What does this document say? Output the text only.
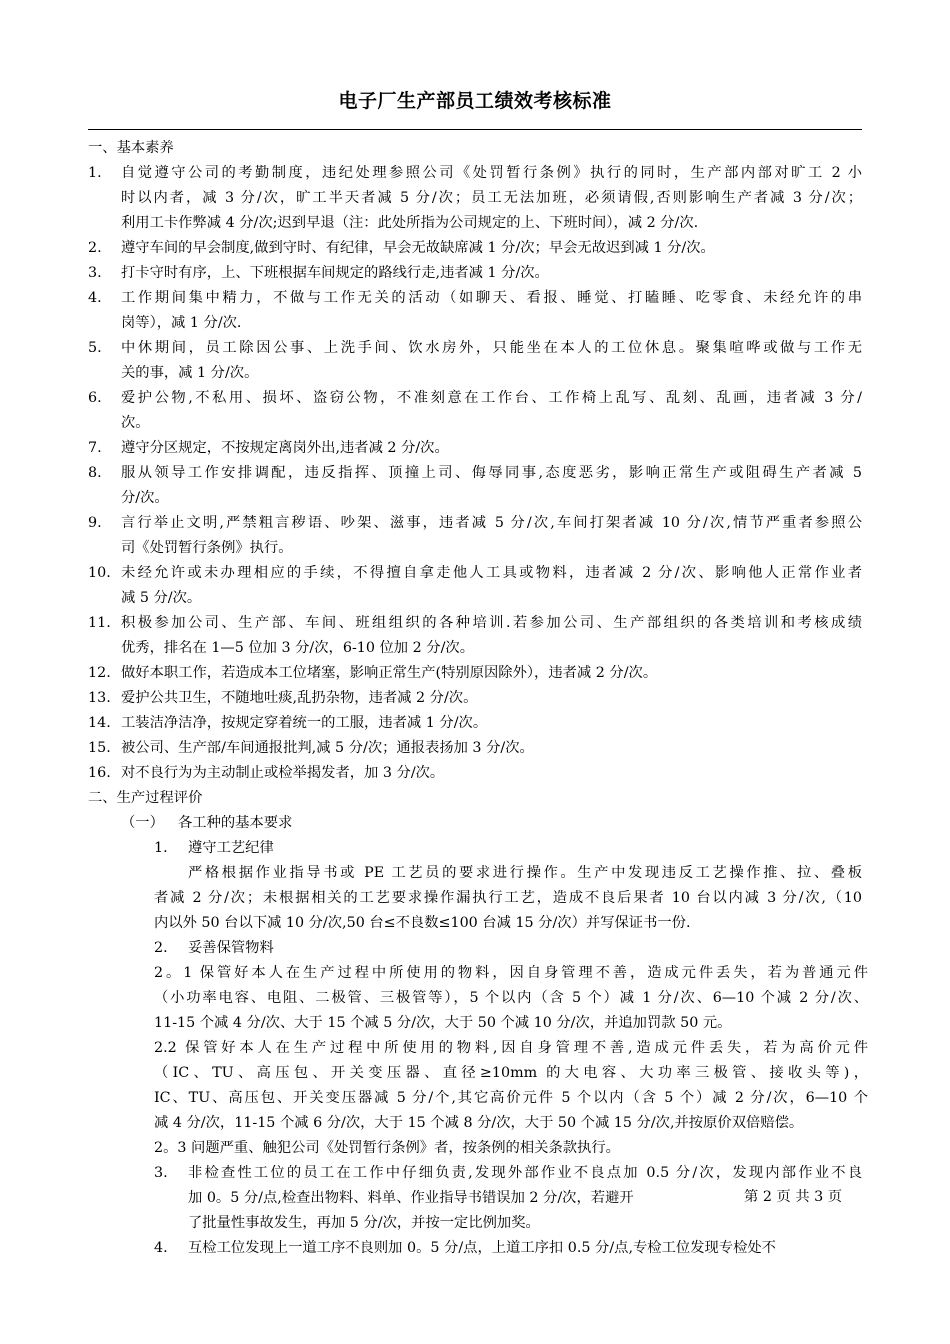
电子厂生产部员工绩效考核标准
一、基本素养
1. 自觉遵守公司的考勤制度，违纪处理参照公司《处罚暂行条例》执行的同时，生产部内部对旷工 2 小
时以内者，减 3 分/次，旷工半天者减 5 分/次；员工无法加班，必须请假,否则影响生产者减 3 分/次；
利用工卡作弊减 4 分/次;迟到早退（注：此处所指为公司规定的上、下班时间），减 2 分/次.
2. 遵守车间的早会制度,做到守时、有纪律，早会无故缺席减 1 分/次；早会无故迟到减 1 分/次。
3. 打卡守时有序，上、下班根据车间规定的路线行走,违者减 1 分/次。
4. 工作期间集中精力，不做与工作无关的活动（如聊天、看报、睡觉、打瞌睡、吃零食、未经允许的串
岗等），减 1 分/次.
5. 中休期间，员工除因公事、上洗手间、饮水房外，只能坐在本人的工位休息。聚集喧哗或做与工作无
关的事，减 1 分/次。
6. 爱护公物,不私用、损坏、盗窃公物，不准刻意在工作台、工作椅上乱写、乱刻、乱画，违者减 3 分/
次。
7. 遵守分区规定，不按规定离岗外出,违者减 2 分/次。
8. 服从领导工作安排调配，违反指挥、顶撞上司、侮辱同事,态度恶劣，影响正常生产或阻碍生产者减 5
分/次。
9. 言行举止文明,严禁粗言秽语、吵架、滋事，违者减 5 分/次,车间打架者减 10 分/次,情节严重者参照公
司《处罚暂行条例》执行。
10. 未经允许或未办理相应的手续，不得擅自拿走他人工具或物料，违者减 2 分/次、影响他人正常作业者
减 5 分/次。
11. 积极参加公司、生产部、车间、班组组织的各种培训.若参加公司、生产部组织的各类培训和考核成绩
优秀，排名在 1—5 位加 3 分/次，6-10 位加 2 分/次。
12. 做好本职工作，若造成本工位堵塞，影响正常生产(特别原因除外），违者减 2 分/次。
13. 爱护公共卫生，不随地吐痰,乱扔杂物，违者减 2 分/次。
14. 工装洁净洁净，按规定穿着统一的工服，违者减 1 分/次。
15. 被公司、生产部/车间通报批判,减 5 分/次；通报表扬加 3 分/次。
16. 对不良行为为主动制止或检举揭发者，加 3 分/次。
二、生产过程评价
（一） 各工种的基本要求
1. 遵守工艺纪律
严格根据作业指导书或 PE 工艺员的要求进行操作。生产中发现违反工艺操作推、拉、叠板
者减 2 分/次；未根据相关的工艺要求操作漏执行工艺，造成不良后果者 10 台以内减 3 分/次,（10
内以外 50 台以下减 10 分/次,50 台≤不良数≤100 台减 15 分/次）并写保证书一份.
2. 妥善保管物料
2。1 保管好本人在生产过程中所使用的物料，因自身管理不善，造成元件丢失，若为普通元件
（小功率电容、电阻、二极管、三极管等），5 个以内（含 5 个）减 1 分/次、6—10 个减 2 分/次、
11-15 个减 4 分/次、大于 15 个减 5 分/次，大于 50 个减 10 分/次，并追加罚款 50 元。
2.2 保管好本人在生产过程中所使用的物料,因自身管理不善,造成元件丢失，若为高价元件
（IC、TU、高压包、开关变压器、直径≥10mm 的大电容、大功率三极管、接收头等)，
IC、TU、高压包、开关变压器减 5 分/个,其它高价元件 5 个以内（含 5 个）减 2 分/次，6—10 个
减 4 分/次，11-15 个减 6 分/次，大于 15 个减 8 分/次，大于 50 个减 15 分/次,并按原价双倍赔偿。
2。3 问题严重、触犯公司《处罚暂行条例》者，按条例的相关条款执行。
3. 非检查性工位的员工在工作中仔细负责,发现外部作业不良点加 0.5 分/次，发现内部作业不良
加 0。5 分/点,检查出物料、料单、作业指导书错误加 2 分/次，若避开
了批量性事故发生，再加 5 分/次，并按一定比例加奖。
4. 互检工位发现上一道工序不良则加 0。5 分/点，上道工序扣 0.5 分/点,专检工位发现专检处不
第 2 页 共 3 页
